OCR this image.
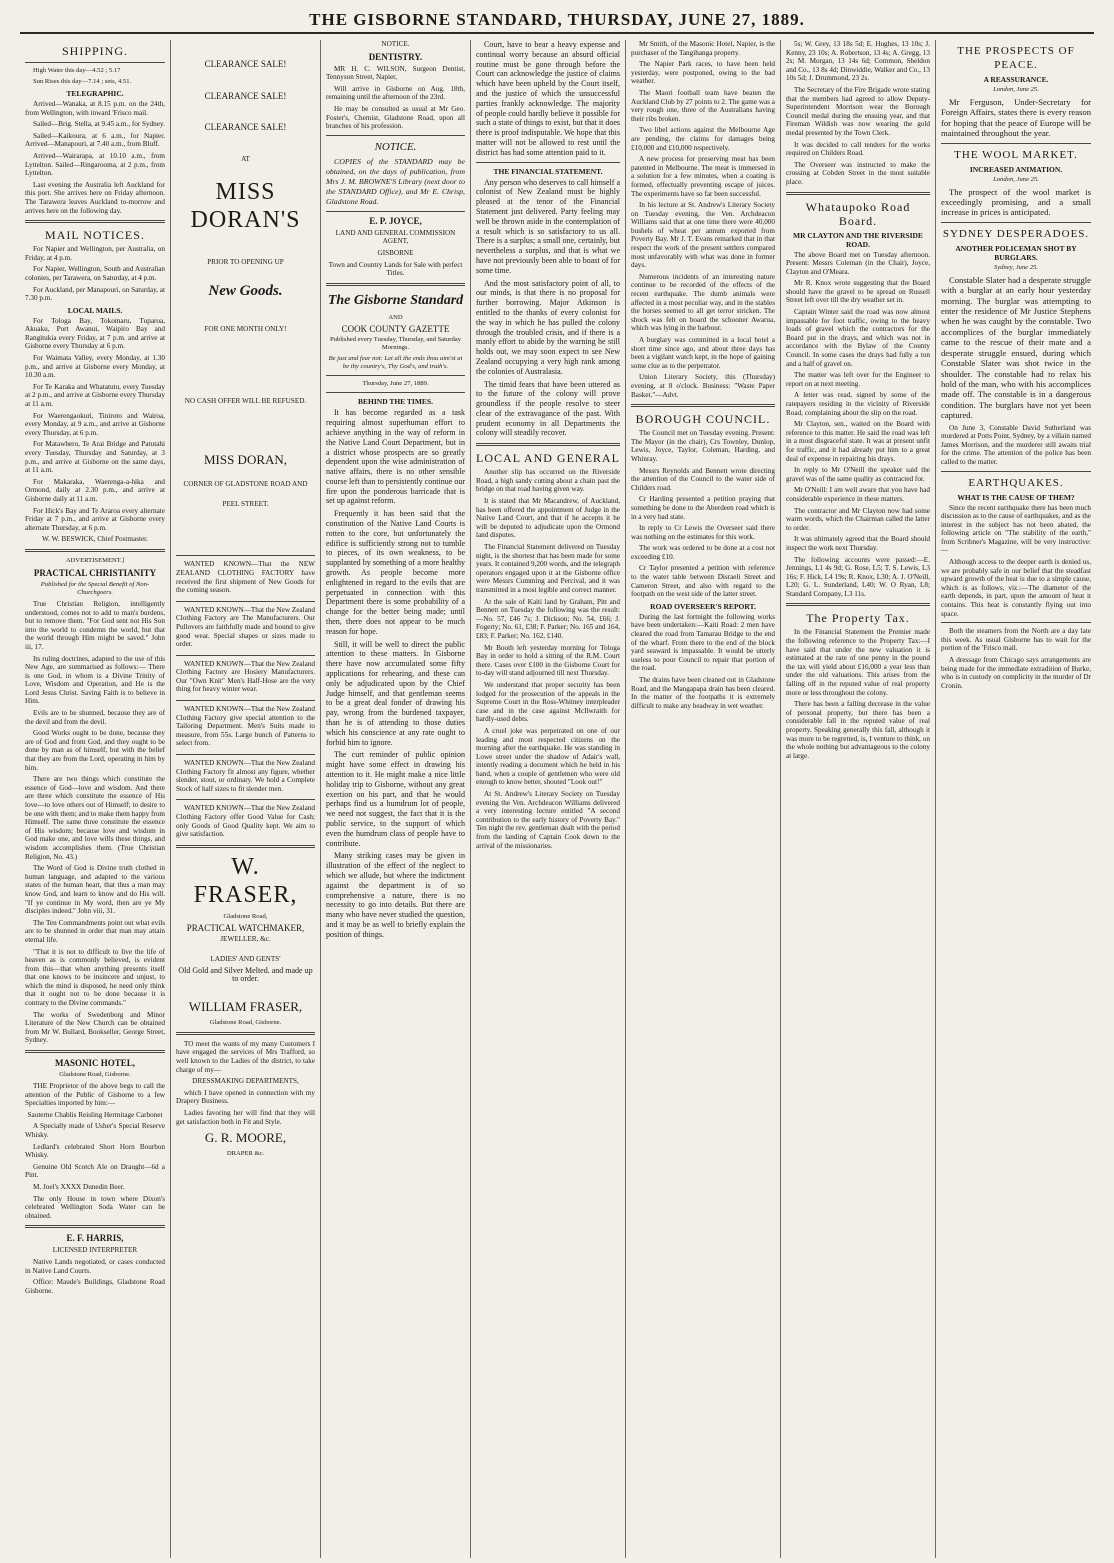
THE GISBORNE STANDARD, THURSDAY, JUNE 27, 1889.
SHIPPING.

High Water this day—4.52 ; 5.17

Sun Rises this day—7.14 ; sets, 4.51.

TELEGRAPHIC.

Arrived—Wanaka, at 8.15 p.m. on the 24th, from Wellington, with inward 'Frisco mail.

Sailed—Brig. Stella, at 9.45 a.m., for Sydney.

Sailed—Kaikoura, at 6 a.m., for Napier. Arrived—Manapouri, at 7.40 a.m., from Bluff.

Arrived—Wairarapa, at 10.10 a.m., from Lyttelton. Sailed—Ringarooma, at 2 p.m., from Lyttelton.

Last evening the Australia left Auckland for this port. She arrives here on Friday afternoon. The Tarawera leaves Auckland to-morrow and arrives here on the following day.

MAIL NOTICES.

For Napier and Wellington, per Australia, on Friday, at 4 p.m.

For Napier, Wellington, South and Australian colonies, per Tarawera, on Saturday, at 4 p.m.

For Auckland, per Manapouri, on Saturday, at 7.30 p.m.

LOCAL MAILS.

For Tologa Bay, Tokomaru, Tuparoa, Akuaku, Port Awanui, Waipiro Bay and Rangitukia every Friday, at 7 p.m. and arrive at Gisborne every Thursday at 6 p.m.

For Waimata Valley, every Monday, at 1.30 p.m., and arrive at Gisborne every Monday, at 10.30 a.m.

For Te Karaka and Whatatutu, every Tuesday at 2 p.m., and arrive at Gisborne every Thursday at 11 a.m.

For Waerengaokuri, Tinirоto and Wairoa, every Monday, at 9 a.m., and arrive at Gisborne every Thursday, at 6 p.m.

For Matawhero, Te Arai Bridge and Patutahi every Tuesday, Thursday and Saturday, at 3 p.m., and arrive at Gisborne on the same days, at 11 a.m.

For Makaraka, Waerenga-a-hika and Ormond, daily at 2.30 p.m., and arrive at Gisborne daily at 11 a.m.

For Hick's Bay and Te Araroa every alternate Friday at 7 p.m., and arrive at Gisborne every alternate Thursday, at 6 p.m.

W. W. BESWICK, Chief Postmaster.

ADVERTISEMENT.]

PRACTICAL CHRISTIANITY

Published for the Special Benefit of Non-Churchgoers.

True Christian Religion, intelligently understood, comes not to add to man's burdens, but to remove them. "For God sent not His Son into the world to condemn the world, but that the world through Him might be saved." John iii, 17.

Its ruling doctrines, adapted to the use of this New Age, are summarised as follows:— There is one God, in whom is a Divine Trinity of Love, Wisdom and Operation, and He is the Lord Jesus Christ. Saving Faith is to believe in Him.

Evils are to be shunned, because they are of the devil and from the devil.

Good Works ought to be done, because they are of God and from God, and they ought to be done by man as of himself, but with the belief that they are from the Lord, operating in him by him.

There are two things which constitute the essence of God—love and wisdom. And there are three which constitute the essence of His love—to love others out of Himself; to desire to be one with them; and to make them happy from Himself. The same three constitute the essence of His wisdom; because love and wisdom in God make one, and love wills these things, and wisdom accomplishes them. (True Christian Religion, No. 43.)

The Word of God is Divine truth clothed in human language, and adapted to the various states of the human heart, that thus a man may know God, and learn to know and do His will. "If ye continue in My word, then are ye My disciples indeed." John viii, 31.

The Ten Commandments point out what evils are to be shunned in order that man may attain eternal life.

"That it is not to difficult to live the life of heaven as is commonly believed, is evident from this—that when anything presents itself that one knows to be insincere and unjust, to which the mind is disposed, he need only think that it ought not to be done because it is contrary to the Divine commands."

The works of Swedenborg and Minor Literature of the New Church can be obtained from Mr W. Bullard, Bookseller, George Street, Sydney.

MASONIC HOTEL,

Gladstone Road, Gisborne.

THE Proprietor of the above begs to call the attention of the Public of Gisborne to a few Specialties imported by him:—

Sauterne Chablis Reisling Hermitage Carbonet

A Specially made of Usher's Special Reserve Whisky.

Ledlard's celebrated Short Horn Bourbon Whisky.

Genuine Old Scotch Ale on Draught—6d a Pint.

M. Joel's XXXX Dunedin Beer.

The only House in town where Dixon's celebrated Wellington Soda Water can be obtained.

E. F. HARRIS,

LICENSED INTERPRETER

Native Lands negotiated, or cases conducted in Native Land Courts.

Office: Maude's Buildings, Gladstone Road Gisborne.

CLEARANCE SALE!

CLEARANCE SALE!

CLEARANCE SALE!

AT

MISS DORAN'S

PRIOR TO OPENING UP

New Goods.

FOR ONE MONTH ONLY!

NO CASH OFFER WILL BE REFUSED.

MISS DORAN,

CORNER OF GLADSTONE ROAD AND

PEEL STREET.

WANTED KNOWN—That the NEW ZEALAND CLOTHING FACTORY have received the first shipment of New Goods for the coming season.

WANTED KNOWN—That the New Zealand Clothing Factory are The Manufacturers. Our Pullovers are faithfully made and bound to give good wear. Special shapes or sizes made to order.

WANTED KNOWN—That the New Zealand Clothing Factory are Hosiery Manufacturers. Our "Own Knit" Men's Half-Hose are the very thing for heavy winter wear.

WANTED KNOWN—That the New Zealand Clothing Factory give special attention to the Tailoring Department. Men's Suits made to measure, from 55s. Large bunch of Patterns to select from.

WANTED KNOWN—That the New Zealand Clothing Factory fit almost any figure, whether slender, stout, or ordinary. We hold a Complete Stock of half sizes to fit slender men.

WANTED KNOWN—That the New Zealand Clothing Factory offer Good Value for Cash; only Goods of Good Quality kept. We aim to give satisfaction.

W. FRASER,

Gladstone Road,

PRACTICAL WATCHMAKER,

JEWELLER, &c.

LADIES' AND GENTS'

Old Gold and Silver Melted. and made up to order.

WILLIAM FRASER,

Gladstone Road, Gisborne.

TO meet the wants of my many Customers I have engaged the services of Mrs Trafford, so well known to the Ladies of the district, to take charge of my—

DRESSMAKING DEPARTMENTS,

which I have opened in connection with my Drapery Business.

Ladies favoring her will find that they will get satisfaction both in Fit and Style.

G. R. MOORE,

DRAPER &c.

NOTICE.

DENTISTRY.

MR H. C. WILSON, Surgeon Dentist, Tennyson Street, Napier,

Will arrive in Gisborne on Aug. 18th, remaining until the afternoon of the 23rd.

He may be consulted as usual at Mr Geo. Foster's, Chemist, Gladstone Road, upon all branches of his profession.

NOTICE.

COPIES of the STANDARD may be obtained, on the days of publication, from Mrs J. M. BROWNE'S Library (next door to the STANDARD Office), and Mr E. Chrisp, Gladstone Road.

E. P. JOYCE,

LAND AND GENERAL COMMISSION AGENT,

GISBORNE

Town and Country Lands for Sale with perfect Titles.

The Gisborne Standard

AND

COOK COUNTY GAZETTE

Published every Tuesday, Thursday, and Saturday Mornings.

Be just and fear not: Let all the ends thou aim'st at be thy country's, Thy God's, and truth's.

Thursday, June 27, 1889.

BEHIND THE TIMES.

It has become regarded as a task requiring almost superhuman effort to achieve anything in the way of reform in the Native Land Court Department, but in a district whose prospects are so greatly dependent upon the wise administration of native affairs, there is no other sensible course left than to persistently continue our fire upon the ponderous barricade that is set up against reform.

Frequently it has been said that the constitution of the Native Land Courts is rotten to the core, but unfortunately the edifice is sufficiently strong not to tumble to pieces, of its own weakness, to be supplanted by something of a more healthy growth. As people become more enlightened in regard to the evils that are perpetuated in connection with this Department there is some probability of a change for the better being made; until then, there does not appear to be much reason for hope.

Still, it will be well to direct the public attention to these matters. In Gisborne there have now accumulated some fifty applications for rehearing, and these can only be adjudicated upon by the Chief Judge himself, and that gentleman seems to be a great deal fonder of drawing his pay, wrong from the burdened taxpayer, than he is of attending to those duties which his conscience at any rate ought to forbid him to ignore.

The curt reminder of public opinion might have some effect in drawing his attention to it. He might make a nice little holiday trip to Gisborne, without any great exertion on his part, and that he would perhaps find us a humdrum lot of people, we need not suggest, the fact that it is the public service, to the support of which even the humdrum class of people have to contribute.

Many striking cases may be given in illustration of the effect of the neglect to which we allude, but where the indictment against the department is of so comprehensive a nature, there is no necessity to go into details. But there are many who have never studied the question, and it may be as well to briefly explain the position of things.

Court, have to bear a heavy expense and continual worry because an absurd official routine must be gone through before the Court can acknowledge the justice of claims which have been upheld by the Court itself, and the justice of which the unsuccessful parties frankly acknowledge. The majority of people could hardly believe it possible for such a state of things to exist, but that it does there is proof indisputable. We hope that this matter will not be allowed to rest until the district has had some attention paid to it.

THE FINANCIAL STATEMENT.

Any person who deserves to call himself a colonist of New Zealand must be highly pleased at the tenor of the Financial Statement just delivered. Party feeling may well be thrown aside in the contemplation of a result which is so satisfactory to us all. There is a surplus; a small one, certainly, but nevertheless a surplus, and that is what we have not previously been able to boast of for some time.

And the most satisfactory point of all, to our minds, is that there is no proposal for further borrowing. Major Atkinson is entitled to the thanks of every colonist for the way in which he has pulled the colony through the troubled crisis, and if there is a manly effort to abide by the warning he still holds out, we may soon expect to see New Zealand occupying a very high rank among the colonies of Australasia.

The timid fears that have been uttered as to the future of the colony will prove groundless if the people resolve to steer clear of the extravagance of the past. With prudent economy in all Departments the colony will steadily recover.

LOCAL AND GENERAL

Another slip has occurred on the Riverside Road, a high sandy cutting about a chain past the bridge on that road having given way.

It is stated that Mr Macandrew, of Auckland, has been offered the appointment of Judge in the Native Land Court, and that if he accepts it he will be deputed to adjudicate upon the Ormond land disputes.

The Financial Statement delivered on Tuesday night, is the shortest that has been made for some years. It contained 9,200 words, and the telegraph operators engaged upon it at the Gisborne office were Messrs Cumming and Percival, and it was transmitted in a most legible and correct manner.

At the sale of Kaiti land by Graham, Pitt and Bennett on Tuesday the following was the result:—No. 57, £46 7s; J. Dickson; No. 54, £66; J. Fogerty; No. 61, £38; F. Parker; No. 165 and 164, £83; F. Parker; No. 162, £140.

Mr Booth left yesterday morning for Tologa Bay in order to hold a sitting of the R.M. Court there. Cases over £100 in the Gisborne Court for to-day will stand adjourned till next Thursday.

We understand that proper security has been lodged for the prosecution of the appeals in the Supreme Court in the Ross-Whitney interpleader case and in the case against McIlwraith for hardly-used debts.

A cruel joke was perpetrated on one of our leading and most respected citizens on the morning after the earthquake. He was standing in Lowe street under the shadow of Adair's wall, intently reading a document which he held in his hand, when a couple of gentlemen who were old enough to know better, shouted "Look out!"

At St. Andrew's Literary Society on Tuesday evening the Ven. Archdeacon Williams delivered a very interesting lecture entitled "A second contribution to the early history of Poverty Bay." Ten night the rev. gentleman dealt with the period from the landing of Captain Cook down to the arrival of the missionaries.

Mr Smith, of the Masonic Hotel, Napier, is the purchaser of the Tangihanga property.

The Napier Park races, to have been held yesterday, were postponed, owing to the bad weather.

The Maori football team have beaten the Auckland Club by 27 points to 2. The game was a very rough one, three of the Australians having their ribs broken.

Two libel actions against the Melbourne Age are pending, the claims for damages being £10,000 and £10,000 respectively.

A new process for preserving meat has been patented in Melbourne. The meat is immersed in a solution for a few minutes, when a coating is formed, effectually preventing escape of juices. The experiments have so far been successful.

In his lecture at St. Andrew's Literary Society on Tuesday evening, the Ven. Archdeacon Williams said that at one time there were 40,000 bushels of wheat per annum exported from Poverty Bay. Mr J. T. Evans remarked that in that respect the work of the present settlers compared most unfavorably with what was done in former days.

Numerous incidents of an interesting nature continue to be recorded of the effects of the recent earthquake. The dumb animals were affected in a most peculiar way, and in the stables the horses seemed to all get terror stricken. The shock was felt on board the schooner Awarua, which was lying in the harbour.

A burglary was committed in a local hotel a short time since ago, and about three days has been a vigilant watch kept, in the hope of gaining some clue as to the perpetrator.

Union Literary Society, this (Thursday) evening, at 8 o'clock. Business: "Waste Paper Basket."—Advt.

BOROUGH COUNCIL.

The Council met on Tuesday evening. Present: The Mayor (in the chair), Crs Townley, Dunlop, Lewis, Joyce, Taylor, Coleman, Harding, and Whinray.

Messrs Reynolds and Bennett wrote directing the attention of the Council to the water side of Childers road.

Cr Harding presented a petition praying that something be done to the Aberdeen road which is in a very bad state.

In reply to Cr Lewis the Overseer said there was nothing on the estimates for this work.

The work was ordered to be done at a cost not exceeding £10.

Cr Taylor presented a petition with reference to the water table between Disraeli Street and Cameron Street, and also with regard to the footpath on the west side of the latter street.

ROAD OVERSEER'S REPORT.

During the last fortnight the following works have been undertaken:—Kaiti Road: 2 men have cleared the road from Tamarau Bridge to the end of the wharf. From there to the end of the block yard seaward is impassable. It would be utterly useless to pour Council to repair that portion of the road.

The drains have been cleaned out in Gladstone Road, and the Mangapapa drain has been cleared. In the matter of the footpaths it is extremely difficult to make any headway in wet weather.

5s; W. Grey, 13 18s 5d; E. Hughes, 13 10s; J. Kenny, 23 10s; A. Robertson, 13 4s; A. Gregg, 13 2s; M. Morgan, 13 14s 6d; Common, Sheldon and Co., 13 8s 4d; Dinwiddie, Walker and Co., 13 10s 5d; J. Drummond, 23 2s.

The Secretary of the Fire Brigade wrote stating that the members had agreed to allow Deputy-Superintendent Morrison wear the Borough Council medal during the ensuing year, and that Fireman Wildish was now wearing the gold medal presented by the Town Clerk.

It was decided to call tenders for the works required on Childers Road.

The Overseer was instructed to make the crossing at Cobden Street in the most suitable place.

Whataupoko Road Board.
MR CLAYTON AND THE RIVERSIDE ROAD.

The above Board met on Tuesday afternoon. Present: Messrs Coleman (in the Chair), Joyce, Clayton and O'Meara.

Mr R. Knox wrote suggesting that the Board should have the gravel to be spread on Russell Street left over till the dry weather set in.

Captain Winter said the road was now almost impassable for foot traffic, owing to the heavy loads of gravel which the contractors for the Board put in the drays, and which was not in accordance with the Bylaw of the County Council. In some cases the drays had fully a ton and a half of gravel on.

The matter was left over for the Engineer to report on at next meeting.

A letter was read, signed by some of the ratepayers residing in the vicinity of Riverside Road, complaining about the slip on the road.

Mr Clayton, sen., waited on the Board with reference to this matter. He said the road was left in a most disgraceful state. It was at present unfit for traffic, and it had already put him to a great deal of expense in repairing his drays.

In reply to Mr O'Neill the speaker said the gravel was of the same quality as contracted for.

Mr O'Neill: I am well aware that you have had considerable experience in these matters.

The contractor and Mr Clayton now had some warm words, which the Chairman called the latter to order.

It was ultimately agreed that the Board should inspect the work next Thursday.

The following accounts were passed:—E. Jennings, L1 4s 9d; G. Rose, L5; T. S. Lewis, L3 16s; F. Hick, L4 19s; R. Knox, L30; A. J. O'Neill, L20; G. L. Sunderland, L40; W. O Ryan, L8; Standard Company, L3 11s.

The Property Tax.

In the Financial Statement the Premier made the following reference to the Property Tax:—I have said that under the new valuation it is estimated at the rate of one penny in the pound the tax will yield about £16,000 a year less than under the old valuations. This arises from the falling off in the reputed value of real property more or less throughout the colony.

There has been a falling decrease in the value of personal property, but there has been a considerable fall in the reputed value of real property. Speaking generally this fall, although it was more to be regretted, is, I venture to think, on the whole nothing but advantageous to the colony at large.

THE PROSPECTS OF PEACE.
A REASSURANCE.

London, June 25.

Mr Ferguson, Under-Secretary for Foreign Affairs, states there is every reason for hoping that the peace of Europe will be maintained throughout the year.

THE WOOL MARKET.
INCREASED ANIMATION.

London, June 25.

The prospect of the wool market is exceedingly promising, and a small increase in prices is anticipated.

SYDNEY DESPERADOES.
ANOTHER POLICEMAN SHOT BY BURGLARS.

Sydney, June 25.

Constable Slater had a desperate struggle with a burglar at an early hour yesterday morning. The burglar was attempting to enter the residence of Mr Justice Stephens when he was caught by the constable. Two accomplices of the burglar immediately came to the rescue of their mate and a desperate struggle ensued, during which Constable Slater was shot twice in the shoulder. The constable had to relax his hold of the man, who with his accomplices made off. The constable is in a dangerous condition. The burglars have not yet been captured.

On June 3, Constable David Sutherland was murdered at Potts Point, Sydney, by a villain named James Morrison, and the murderer still awaits trial for the crime. The attention of the police has been called to the matter.

EARTHQUAKES.
WHAT IS THE CAUSE OF THEM?

Since the recent earthquake there has been much discussion as to the cause of earthquakes, and as the interest in the subject has not been abated, the following article on "The stability of the earth," from Scribner's Magazine, will be very instructive:—

Although access to the deeper earth is denied us, we are probably safe in our belief that the steadfast upward growth of the heat is due to a simple cause, which is as follows, viz.:—The diameter of the earth depends, in part, upon the amount of heat it contains. This heat is constantly flying out into space.

Both the steamers from the North are a day late this week. As usual Gisborne has to wait for the portion of the 'Frisco mail.

A dressage from Chicago says arrangements are being made for the immediate extradition of Burke, who is in custody on complicity in the murder of Dr Cronin.
